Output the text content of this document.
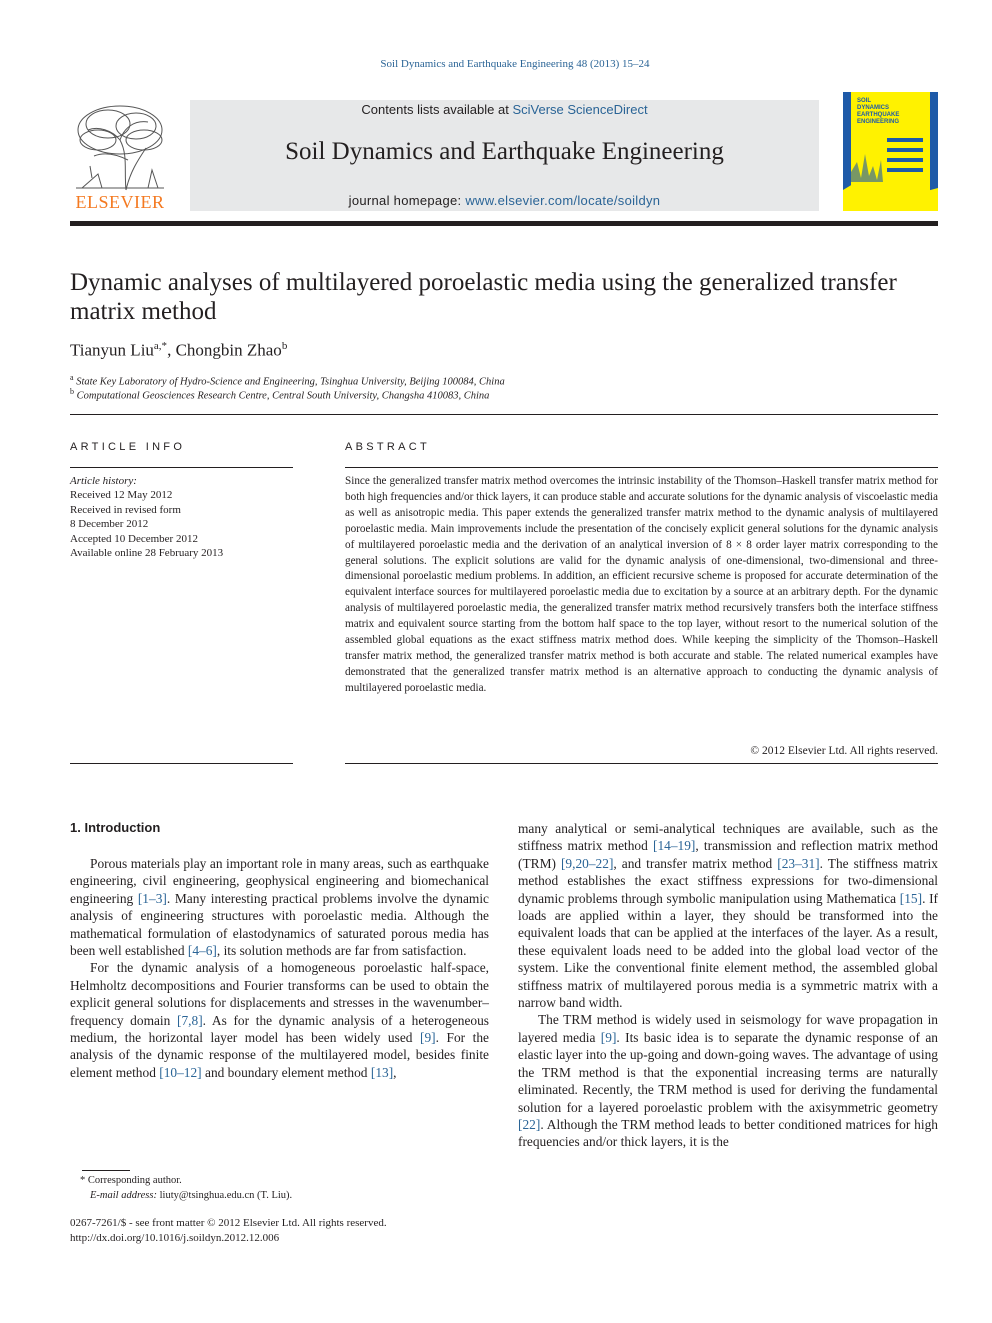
Soil Dynamics and Earthquake Engineering 48 (2013) 15–24
ELSEVIER
Contents lists available at SciVerse ScienceDirect
Soil Dynamics and Earthquake Engineering
journal homepage: www.elsevier.com/locate/soildyn
SOIL
DYNAMICS
EARTHQUAKE
ENGINEERING
Dynamic analyses of multilayered poroelastic media using the generalized transfer matrix method
Tianyun Liu$^{a,*}$, Chongbin Zhao$^b$
$^a$ State Key Laboratory of Hydro-Science and Engineering, Tsinghua University, Beijing 100084, China
$^b$ Computational Geosciences Research Centre, Central South University, Changsha 410083, China
ARTICLE INFO	ABSTRACT
Article history:
Received 12 May 2012
Received in revised form
8 December 2012
Accepted 10 December 2012
Available online 28 February 2013
Since the generalized transfer matrix method overcomes the intrinsic instability of the Thomson–Haskell transfer matrix method for both high frequencies and/or thick layers, it can produce stable and accurate solutions for the dynamic analysis of viscoelastic media as well as anisotropic media. This paper extends the generalized transfer matrix method to the dynamic analysis of multilayered poroelastic media. Main improvements include the presentation of the concisely explicit general solutions for the dynamic analysis of multilayered poroelastic media and the derivation of an analytical inversion of 8 × 8 order layer matrix corresponding to the general solutions. The explicit solutions are valid for the dynamic analysis of one-dimensional, two-dimensional and three-dimensional poroelastic medium problems. In addition, an efficient recursive scheme is proposed for accurate determination of the equivalent interface sources for multilayered poroelastic media due to excitation by a source at an arbitrary depth. For the dynamic analysis of multilayered poroelastic media, the generalized transfer matrix method recursively transfers both the interface stiffness matrix and equivalent source starting from the bottom half space to the top layer, without resort to the numerical solution of the assembled global equations as the exact stiffness matrix method does. While keeping the simplicity of the Thomson–Haskell transfer matrix method, the generalized transfer matrix method is both accurate and stable. The related numerical examples have demonstrated that the generalized transfer matrix method is an alternative approach to conducting the dynamic analysis of multilayered poroelastic media.
© 2012 Elsevier Ltd. All rights reserved.
1. Introduction

Porous materials play an important role in many areas, such as earthquake engineering, civil engineering, geophysical engineering and biomechanical engineering [1–3]. Many interesting practical problems involve the dynamic analysis of engineering structures with poroelastic media. Although the mathematical formulation of elastodynamics of saturated porous media has been well established [4–6], its solution methods are far from satisfaction.

For the dynamic analysis of a homogeneous poroelastic half-space, Helmholtz decompositions and Fourier transforms can be used to obtain the explicit general solutions for displacements and stresses in the wavenumber–frequency domain [7,8]. As for the dynamic analysis of a heterogeneous medium, the horizontal layer model has been widely used [9]. For the analysis of the dynamic response of the multilayered model, besides finite element method [10–12] and boundary element method [13],

many analytical or semi-analytical techniques are available, such as the stiffness matrix method [14–19], transmission and reflection matrix method (TRM) [9,20–22], and transfer matrix method [23–31]. The stiffness matrix method establishes the exact stiffness expressions for two-dimensional dynamic problems through symbolic manipulation using Mathematica [15]. If loads are applied within a layer, they should be transformed into the equivalent loads that can be applied at the interfaces of the layer. As a result, these equivalent loads need to be added into the global load vector of the system. Like the conventional finite element method, the assembled global stiffness matrix of multilayered porous media is a symmetric matrix with a narrow band width.

The TRM method is widely used in seismology for wave propagation in layered media [9]. Its basic idea is to separate the dynamic response of an elastic layer into the up-going and down-going waves. The advantage of using the TRM method is that the exponential increasing terms are naturally eliminated. Recently, the TRM method is used for deriving the fundamental solution for a layered poroelastic problem with the axisymmetric geometry [22]. Although the TRM method leads to better conditioned matrices for high frequencies and/or thick layers, it is the

* Corresponding author.
E-mail address: liuty@tsinghua.edu.cn (T. Liu).
0267-7261/$ - see front matter © 2012 Elsevier Ltd. All rights reserved.
http://dx.doi.org/10.1016/j.soildyn.2012.12.006
